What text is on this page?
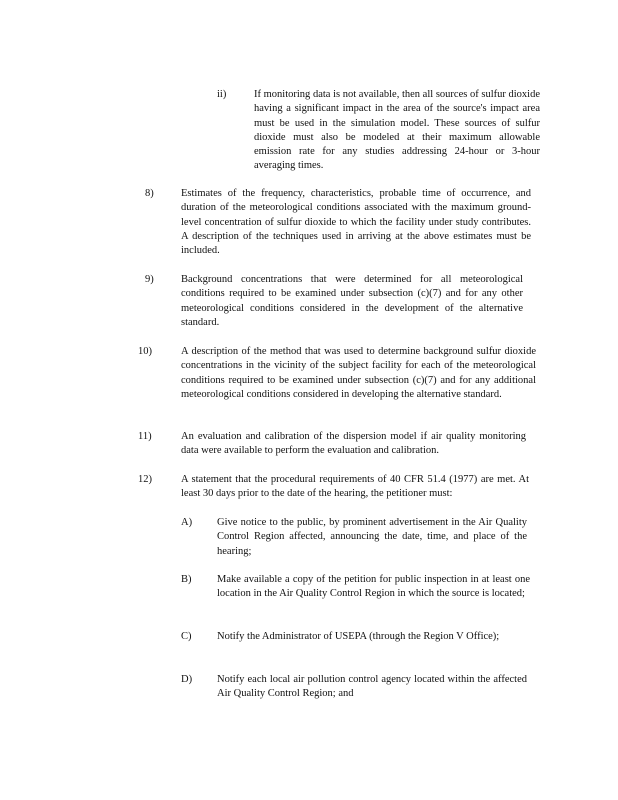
ii)	If monitoring data is not available, then all sources of sulfur dioxide having a significant impact in the area of the source's impact area must be used in the simulation model. These sources of sulfur dioxide must also be modeled at their maximum allowable emission rate for any studies addressing 24-hour or 3-hour averaging times.
8)	Estimates of the frequency, characteristics, probable time of occurrence, and duration of the meteorological conditions associated with the maximum ground-level concentration of sulfur dioxide to which the facility under study contributes. A description of the techniques used in arriving at the above estimates must be included.
9)	Background concentrations that were determined for all meteorological conditions required to be examined under subsection (c)(7) and for any other meteorological conditions considered in the development of the alternative standard.
10)	A description of the method that was used to determine background sulfur dioxide concentrations in the vicinity of the subject facility for each of the meteorological conditions required to be examined under subsection (c)(7) and for any additional meteorological conditions considered in developing the alternative standard.
11)	An evaluation and calibration of the dispersion model if air quality monitoring data were available to perform the evaluation and calibration.
12)	A statement that the procedural requirements of 40 CFR 51.4 (1977) are met. At least 30 days prior to the date of the hearing, the petitioner must:
A) Give notice to the public, by prominent advertisement in the Air Quality Control Region affected, announcing the date, time, and place of the hearing;
B) Make available a copy of the petition for public inspection in at least one location in the Air Quality Control Region in which the source is located;
C) Notify the Administrator of USEPA (through the Region V Office);
D) Notify each local air pollution control agency located within the affected Air Quality Control Region; and
